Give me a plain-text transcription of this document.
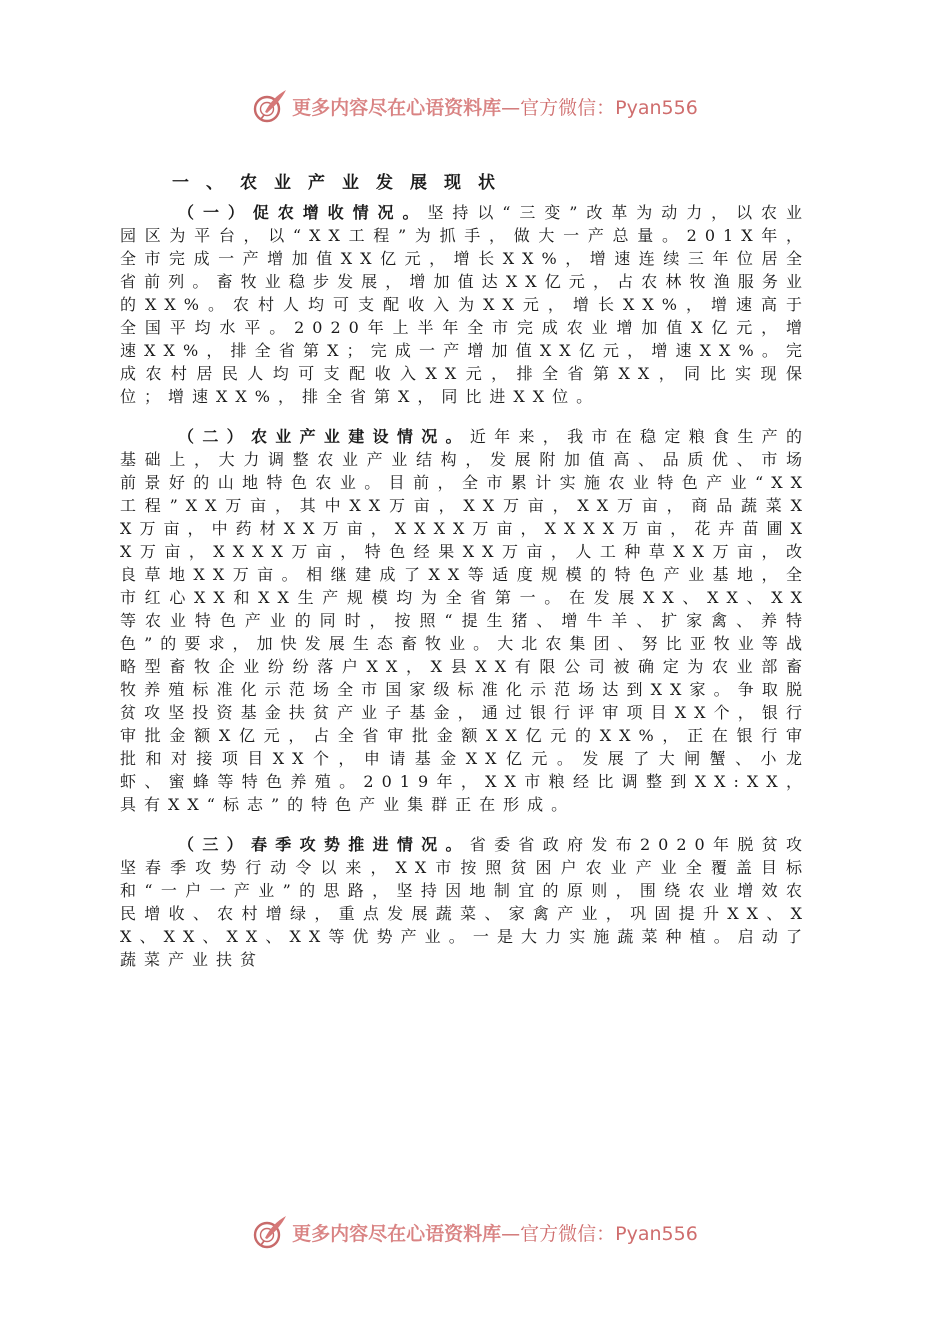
更多内容尽在心语资料库 —官方微信：Pyan556
一、农业产业发展现状

（一）促农增收情况。坚持以“三变”改革为动力，以农业园区为平台，以“XX工程”为抓手，做大一产总量。201X年，全市完成一产增加值XX亿元，增长XX%，增速连续三年位居全省前列。畜牧业稳步发展，增加值达XX亿元，占农林牧渔服务业的XX%。农村人均可支配收入为XX元，增长XX%，增速高于全国平均水平。2020年上半年全市完成农业增加值X亿元，增速XX%，排全省第X；完成一产增加值XX亿元，增速XX%。完成农村居民人均可支配收入XX元，排全省第XX，同比实现保位；增速XX%，排全省第X，同比进XX位。

（二）农业产业建设情况。近年来，我市在稳定粮食生产的基础上，大力调整农业产业结构，发展附加值高、品质优、市场前景好的山地特色农业。目前，全市累计实施农业特色产业“XX工程”XX万亩，其中XX万亩，XX万亩，XX万亩，商品蔬菜XX万亩，中药材XX万亩，XXXX万亩，XXXX万亩，花卉苗圃XX万亩，XXXX万亩，特色经果XX万亩，人工种草XX万亩，改良草地XX万亩。相继建成了XX等适度规模的特色产业基地，全市红心XX和XX生产规模均为全省第一。在发展XX、XX、XX等农业特色产业的同时，按照“提生猪、增牛羊、扩家禽、养特色”的要求，加快发展生态畜牧业。大北农集团、努比亚牧业等战略型畜牧企业纷纷落户XX，X县XX有限公司被确定为农业部畜牧养殖标准化示范场全市国家级标准化示范场达到XX家。争取脱贫攻坚投资基金扶贫产业子基金，通过银行评审项目XX个，银行审批金额X亿元，占全省审批金额XX亿元的XX%，正在银行审批和对接项目XX个，申请基金XX亿元。发展了大闸蟹、小龙虾、蜜蜂等特色养殖。2019年，XX市粮经比调整到XX:XX，具有XX“标志”的特色产业集群正在形成。

（三）春季攻势推进情况。省委省政府发布2020年脱贫攻坚春季攻势行动令以来，XX市按照贫困户农业产业全覆盖目标和“一户一产业”的思路，坚持因地制宜的原则，围绕农业增效农民增收、农村增绿，重点发展蔬菜、家禽产业，巩固提升XX、XX、XX、XX、XX等优势产业。一是大力实施蔬菜种植。启动了蔬菜产业扶贫

更多内容尽在心语资料库 —官方微信：Pyan556
